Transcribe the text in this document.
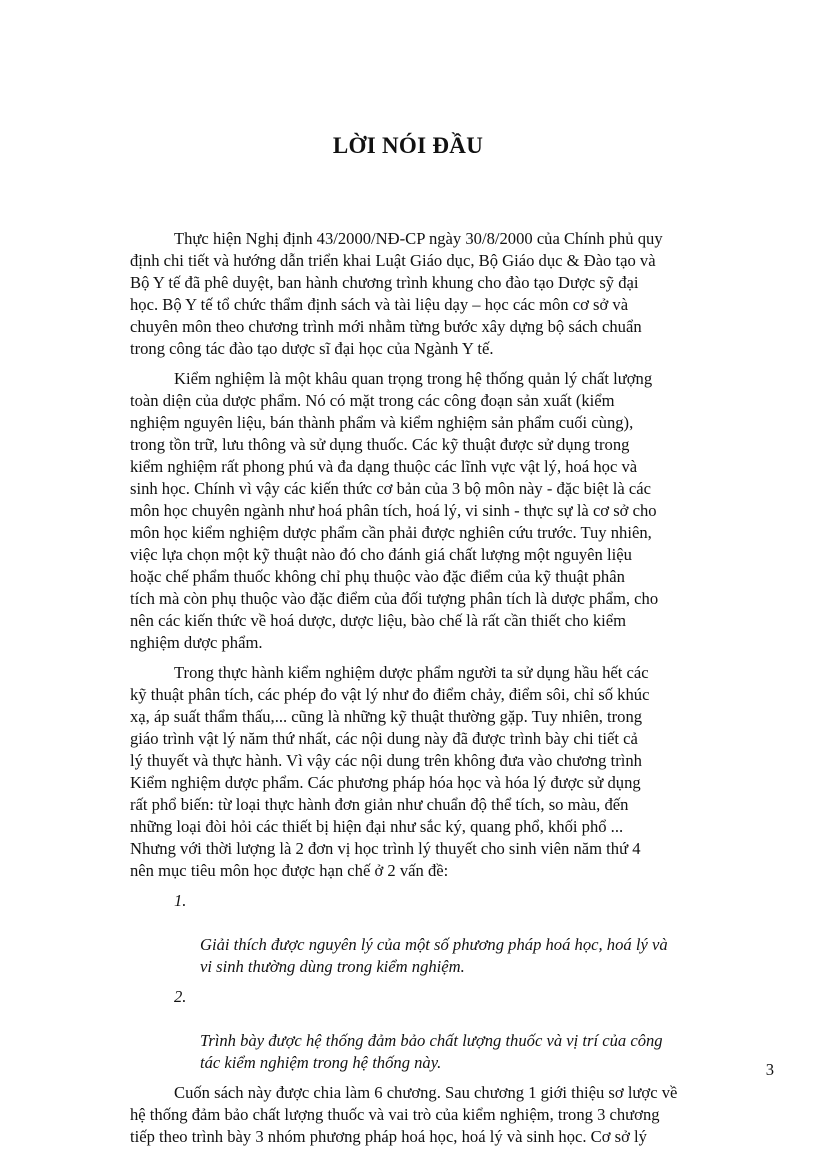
LỜI NÓI ĐẦU

Thực hiện Nghị định 43/2000/NĐ-CP ngày 30/8/2000 của Chính phủ quy
định chi tiết và hướng dẫn triển khai Luật Giáo dục, Bộ Giáo dục & Đào tạo và
Bộ Y tế đã phê duyệt, ban hành chương trình khung cho đào tạo Dược sỹ đại
học. Bộ Y tế tổ chức thẩm định sách và tài liệu dạy – học các môn cơ sở và
chuyên môn theo chương trình mới nhằm từng bước xây dựng bộ sách chuẩn
trong công tác đào tạo dược sĩ đại học của Ngành Y tế.

Kiểm nghiệm là một khâu quan trọng trong hệ thống quản lý chất lượng
toàn diện của dược phẩm. Nó có mặt trong các công đoạn sản xuất (kiểm
nghiệm nguyên liệu, bán thành phẩm và kiểm nghiệm sản phẩm cuối cùng),
trong tồn trữ, lưu thông và sử dụng thuốc. Các kỹ thuật được sử dụng trong
kiểm nghiệm rất phong phú và đa dạng thuộc các lĩnh vực vật lý, hoá học và
sinh học. Chính vì vậy các kiến thức cơ bản của 3 bộ môn này - đặc biệt là các
môn học chuyên ngành như hoá phân tích, hoá lý, vi sinh - thực sự là cơ sở cho
môn học kiểm nghiệm dược phẩm cần phải được nghiên cứu trước. Tuy nhiên,
việc lựa chọn một kỹ thuật nào đó cho đánh giá chất lượng một nguyên liệu
hoặc chế phẩm thuốc không chỉ phụ thuộc vào đặc điểm của kỹ thuật phân
tích mà còn phụ thuộc vào đặc điểm của đối tượng phân tích là dược phẩm, cho
nên các kiến thức về hoá dược, dược liệu, bào chế là rất cần thiết cho kiểm
nghiệm dược phẩm.

Trong thực hành kiểm nghiệm dược phẩm người ta sử dụng hầu hết các
kỹ thuật phân tích, các phép đo vật lý như đo điểm chảy, điểm sôi, chỉ số khúc
xạ, áp suất thẩm thấu,... cũng là những kỹ thuật thường gặp. Tuy nhiên, trong
giáo trình vật lý năm thứ nhất, các nội dung này đã được trình bày chi tiết cả
lý thuyết và thực hành. Vì vậy các nội dung trên không đưa vào chương trình
Kiểm nghiệm dược phẩm. Các phương pháp hóa học và hóa lý được sử dụng
rất phổ biến: từ loại thực hành đơn giản như chuẩn độ thể tích, so màu, đến
những loại đòi hỏi các thiết bị hiện đại như sắc ký, quang phổ, khối phổ ...
Nhưng với thời lượng là 2 đơn vị học trình lý thuyết cho sinh viên năm thứ 4
nên mục tiêu môn học được hạn chế ở 2 vấn đề:

1.

Giải thích được nguyên lý của một số phương pháp hoá học, hoá lý và
vi sinh thường dùng trong kiểm nghiệm.

2.

Trình bày được hệ thống đảm bảo chất lượng thuốc và vị trí của công
tác kiểm nghiệm trong hệ thống này.

Cuốn sách này được chia làm 6 chương. Sau chương 1 giới thiệu sơ lược về
hệ thống đảm bảo chất lượng thuốc và vai trò của kiểm nghiệm, trong 3 chương
tiếp theo trình bày 3 nhóm phương pháp hoá học, hoá lý và sinh học. Cơ sở lý

3
